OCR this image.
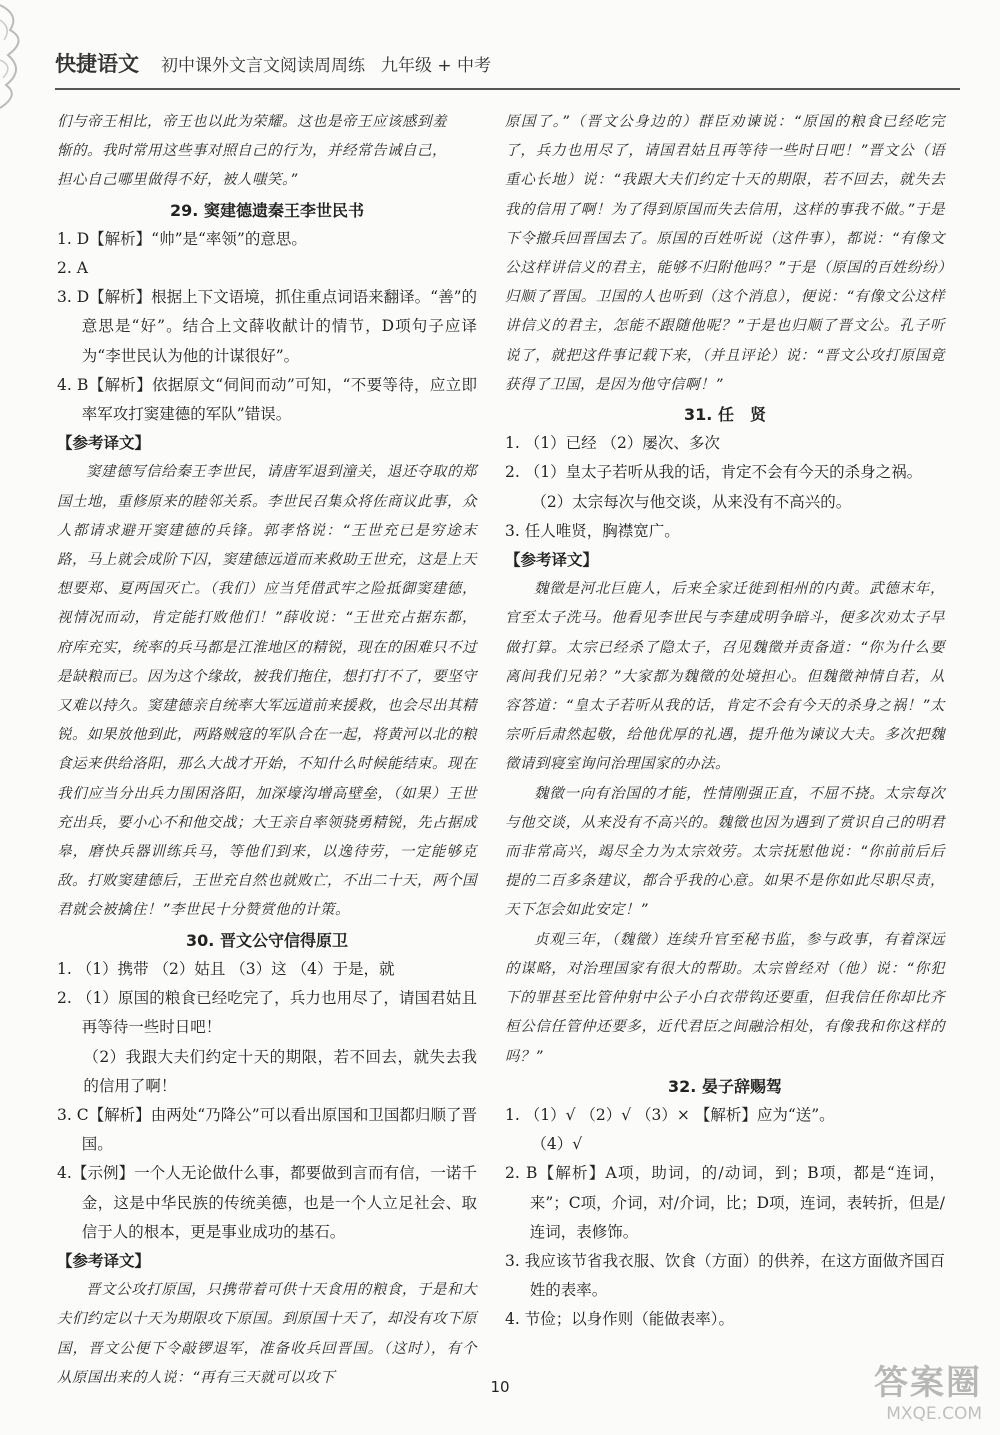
快捷语文 初中课外文言文阅读周周练 九年级 + 中考

们与帝王相比，帝王也以此为荣耀。这也是帝王应该感到羞

惭的。我时常用这些事对照自己的行为，并经常告诫自己，

担心自己哪里做得不好，被人嗤笑。”

29. 窦建德遗秦王李世民书

1. D【解析】“帅”是“率领”的意思。

2. A

3. D【解析】根据上下文语境，抓住重点词语来翻译。“善”的意思是“好”。结合上文薛收献计的情节，D项句子应译为“李世民认为他的计谋很好”。

4. B【解析】依据原文“伺间而动”可知，“不要等待，应立即率军攻打窦建德的军队”错误。

【参考译文】

窦建德写信给秦王李世民，请唐军退到潼关，退还夺取的郑国土地，重修原来的睦邻关系。李世民召集众将佐商议此事，众人都请求避开窦建德的兵锋。郭孝恪说：“王世充已是穷途末路，马上就会成阶下囚，窦建德远道而来救助王世充，这是上天想要郑、夏两国灭亡。（我们）应当凭借武牢之险抵御窦建德，视情况而动，肯定能打败他们！”薛收说：“王世充占据东都，府库充实，统率的兵马都是江淮地区的精锐，现在的困难只不过是缺粮而已。因为这个缘故，被我们拖住，想打打不了，要坚守又难以持久。窦建德亲自统率大军远道前来援救，也会尽出其精锐。如果放他到此，两路贼寇的军队合在一起，将黄河以北的粮食运来供给洛阳，那么大战才开始，不知什么时候能结束。现在我们应当分出兵力围困洛阳，加深壕沟增高壁垒，（如果）王世充出兵，要小心不和他交战；大王亲自率领骁勇精锐，先占据成皋，磨快兵器训练兵马，等他们到来，以逸待劳，一定能够克敌。打败窦建德后，王世充自然也就败亡，不出二十天，两个国君就会被擒住！”李世民十分赞赏他的计策。

30. 晋文公守信得原卫

1. （1）携带 （2）姑且 （3）这 （4）于是，就

2. （1）原国的粮食已经吃完了，兵力也用尽了，请国君姑且再等待一些时日吧！

（2）我跟大夫们约定十天的期限，若不回去，就失去我的信用了啊！

3. C【解析】由两处“乃降公”可以看出原国和卫国都归顺了晋国。

4.【示例】一个人无论做什么事，都要做到言而有信，一诺千金，这是中华民族的传统美德，也是一个人立足社会、取信于人的根本，更是事业成功的基石。

【参考译文】

晋文公攻打原国，只携带着可供十天食用的粮食，于是和大夫们约定以十天为期限攻下原国。到原国十天了，却没有攻下原国，晋文公便下令敲锣退军，准备收兵回晋国。（这时），有个从原国出来的人说：“再有三天就可以攻下

原国了。”（晋文公身边的）群臣劝谏说：“原国的粮食已经吃完了，兵力也用尽了，请国君姑且再等待一些时日吧！”晋文公（语重心长地）说：“我跟大夫们约定十天的期限，若不回去，就失去我的信用了啊！为了得到原国而失去信用，这样的事我不做。”于是下令撤兵回晋国去了。原国的百姓听说（这件事），都说：“有像文公这样讲信义的君主，能够不归附他吗？”于是（原国的百姓纷纷）归顺了晋国。卫国的人也听到（这个消息），便说：“有像文公这样讲信义的君主，怎能不跟随他呢？”于是也归顺了晋文公。孔子听说了，就把这件事记载下来，（并且评论）说：“晋文公攻打原国竟获得了卫国，是因为他守信啊！”

31. 任　贤

1. （1）已经 （2）屡次、多次

2. （1）皇太子若听从我的话，肯定不会有今天的杀身之祸。

（2）太宗每次与他交谈，从来没有不高兴的。

3. 任人唯贤，胸襟宽广。

【参考译文】

魏徵是河北巨鹿人，后来全家迁徙到相州的内黄。武德末年，官至太子洗马。他看见李世民与李建成明争暗斗，便多次劝太子早做打算。太宗已经杀了隐太子，召见魏徵并责备道：“你为什么要离间我们兄弟？”大家都为魏徵的处境担心。但魏徵神情自若，从容答道：“皇太子若听从我的话，肯定不会有今天的杀身之祸！”太宗听后肃然起敬，给他优厚的礼遇，提升他为谏议大夫。多次把魏徵请到寝室询问治理国家的办法。

魏徵一向有治国的才能，性情刚强正直，不屈不挠。太宗每次与他交谈，从来没有不高兴的。魏徵也因为遇到了赏识自己的明君而非常高兴，竭尽全力为太宗效劳。太宗抚慰他说：“你前前后后提的二百多条建议，都合乎我的心意。如果不是你如此尽职尽责，天下怎会如此安定！”

贞观三年，（魏徵）连续升官至秘书监，参与政事，有着深远的谋略，对治理国家有很大的帮助。太宗曾经对（他）说：“你犯下的罪甚至比管仲射中公子小白衣带钩还要重，但我信任你却比齐桓公信任管仲还要多，近代君臣之间融洽相处，有像我和你这样的吗？”

32. 晏子辞赐驾

1. （1）√ （2）√ （3）× 【解析】应为“送”。

（4）√

2. B【解析】A项，助词，的/动词，到；B项，都是“连词，来”；C项，介词，对/介词，比；D项，连词，表转折，但是/连词，表修饰。

3. 我应该节省我衣服、饮食（方面）的供养，在这方面做齐国百姓的表率。

4. 节俭；以身作则（能做表率）。

10	答案圈
MXQE.COM
